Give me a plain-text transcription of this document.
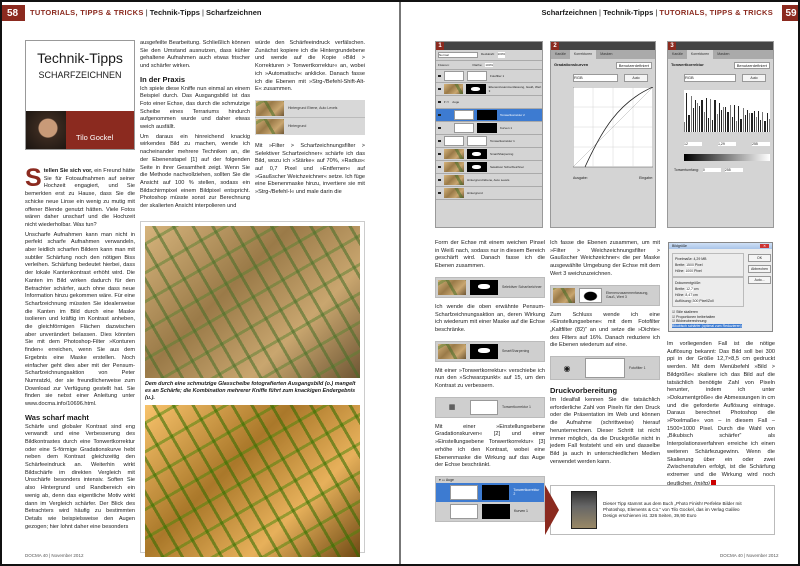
58	TUTORIALS, TIPPS & TRICKS | Technik-Tipps | Scharfzeichnen
Technik-Tipps
SCHARFZEICHNEN
Tilo Gockel

Stellen Sie sich vor, ein Freund hätte Sie für Fotoaufnahmen auf seiner Hochzeit engagiert, und Sie bemerkten erst zu Hause, dass Sie die schicke neue Linse ein wenig zu mutig mit offener Blende genutzt hätten. Viele Fotos wären daher unscharf und die Hochzeit nicht wiederholbar. Was tun?

Unscharfe Aufnahmen kann man nicht in perfekt scharfe Aufnahmen verwandeln, aber leidlich scharfen Bildern kann man mit subtiler Schärfung noch den nötigen Biss verleihen. Schärfung bedeutet hierbei, dass der lokale Kantenkontrast erhöht wird. Die Kanten im Bild wirken dadurch für den Betrachter schärfer, auch ohne dass neue Information hinzu gekommen wäre. Für eine Scharfzeichnung müssten Sie idealerweise die Kanten im Bild durch eine Maske isolieren und kräftig im Kontrast anheben, die gleichförmigen Flächen dazwischen aber unverändert belassen. Dies könnten Sie mit dem Photoshop-Filter »Konturen finden« erreichen, wenn Sie aus dem Ergebnis eine Maske erstellen. Noch einfacher geht dies aber mit der Pensum-Scharfzeichnungsaktion von Peter Numratzki, der sie freundlicherweise zum Download zur Verfügung gestellt hat. Sie finden sie nebst einer Anleitung unter www.docma.info/10696.html.

Was scharf macht

Schärfe und globaler Kontrast sind eng verwandt und eine Verbesserung des Bildkontrastes durch eine Tonwertkorrektur oder eine S-förmige Gradationskurve hebt neben dem Kontrast gleichzeitig den Schärfeeindruck an. Weiterhin wirkt Bildschärfe im direkten Vergleich mit Unschärfe besonders intensiv. Soften Sie also Hintergrund und Randbereich ein wenig ab, denn das eigentliche Motiv wirkt dann im Vergleich schärfer. Der Blick des Betrachters wird häufig zu bestimmten Details wie beispielsweise den Augen gezogen; hier lohnt daher eine besonders

ausgefeilte Bearbeitung. Schließlich können Sie den Umstand ausnutzen, dass kühler gehaltene Aufnahmen auch etwas frischer und schärfer wirken.

In der Praxis

Ich spiele diese Kniffe nun einmal an einem Beispiel durch. Das Ausgangsbild ist das Foto einer Echse, das durch die schmutzige Scheibe eines Terrariums hindurch aufgenommen wurde und daher etwas weich ausfällt.

Um daraus ein hinreichend knackig wirkendes Bild zu machen, wende ich nacheinander mehrere Techniken an, die der Ebenenstapel [1] auf der folgenden Seite in ihrer Gesamtheit zeigt. Wenn Sie die Methode nachvollziehen, sollten Sie die Ansicht auf 100 % stellen, sodass ein Bildschirmpixel einem Bildpixel entspricht. Photoshop müsste sonst zur Berechnung der skalierten Ansicht interpolieren und

würde den Schärfeeindruck verfälschen. Zunächst kopiere ich die Hintergrundebene und wende auf die Kopie »Bild > Korrekturen > Tonwertkorrektur« an, wobei ich »Automatisch« anklicke. Danach fasse ich die Ebenen mit »Strg-/Befehl-Shift-Alt-E« zusammen.

Hintergrund Ebene, Auto Levels
Hintergrund

Mit »Filter > Scharfzeichnungsfilter > Selektiver Scharfzeichner« schärfe ich das Bild, wozu ich »Stärke« auf 70%, »Radius« auf 0,7 Pixel und »Entfernen« auf »Gaußscher Weichzeichner« setze. Ich füge eine Ebenenmaske hinzu, invertiere sie mit »Strg-/Befehl-I« und male darin die

Dem durch eine schmutzige Glasscheibe fotografierten Ausgangsbild (o.) mangelt es an Schärfe; die Kombination mehrerer Kniffe führt zum knackigen Endergebnis (u.).
DOCMA 40 | November 2012
Scharfzeichnen | Technik-Tipps | TUTORIALS, TIPPS & TRICKS	59
1
Normal	Deckkraft: 100%
Fixieren:	Fläche: 100%
Fotofilter 1
Ebenenzusammenfassung, Gauß, Wert 3
▾ ▭ Auge
Tonwertkorrektur 2
Kurven 1
Tonwertkorrektur 1
SmartSharpening
Selektiver Scharfzeichner
Hintergrund Ebene, Auto Levels
Hintergrund
2
Kanäle	Korrekturen	Masken
Gradationskurven	Benutzerdefiniert
RGB	Auto
Ausgabe:	Eingabe:
3
Kanäle	Korrekturen	Masken
Tonwertkorrektur	Benutzerdefiniert
RGB	Auto
12	1,29	255
Tonwertumfang: 0	255

Form der Echse mit einem weichen Pinsel in Weiß nach, sodass nur in diesem Bereich geschärft wird. Danach fasse ich die Ebenen zusammen.

Selektiver Scharfzeichner

Ich wende die oben erwähnte Pensum-Scharfzeichnungsaktion an, deren Wirkung ich wiederum mit einer Maske auf die Echse beschränke.

SmartSharpening

Mit einer »Tonwertkorrektur« verschiebe ich nun den »Schwarzpunkt« auf 15, um den Kontrast zu verbessern.

▦	Tonwertkorrektur 1

Mit einer »Einstellungsebene Gradationskurven« [2] und einer »Einstellungsebene Tonwertkorrektur« [3] erhöhe ich den Kontrast, wobei eine Ebenenmaske die Wirkung auf das Auge der Echse beschränkt.

▾ ▭ Auge
Tonwertkorrektur 2
Kurven 1

Ich fasse die Ebenen zusammen, um mit »Filter > Weichzeichnungsfilter > Gaußscher Weichzeichner« die per Maske ausgewählte Umgebung der Echse mit dem Wert 3 weichzuzeichnen.

Ebenenzusammenfassung, Gauß, Wert 3

Zum Schluss wende ich eine »Einstellungsebene« mit dem Fotofilter „Kaltfilter (82)“ an und setze die »Dichte« des Filters auf 16%. Danach reduziere ich die Ebenen wiederum auf eine.

◉	Fotofilter 1
Druckvorbereitung

Im Idealfall kennen Sie die tatsächlich erforderliche Zahl von Pixeln für den Druck oder die Präsentation im Web und können die Aufnahme (schrittweise) hierauf herunterrechnen. Dieser Schritt ist nicht immer möglich, da die Druckgröße nicht in jedem Fall feststeht und ein und dasselbe Bild ja auch in unterschiedlichen Medien verwendet werden kann.

Bildgröße	✕
Pixelmaße: 4,29 MB
Breite: 1500 Pixel
Höhe: 1000 Pixel
Dokumentgröße:
Breite: 12,7 cm
Höhe: 8,47 cm
Auflösung: 300 Pixel/Zoll
☑ Stile skalieren
☑ Proportionen beibehalten
☑ Bildneuberechnung:
Bikubisch schärfer (optimal zum Reduzieren)
OK
Abbrechen
Auto...

Im vorliegenden Fall ist die nötige Auflösung bekannt: Das Bild soll bei 300 ppi in der Größe 12,7×8,5 cm gedruckt werden. Mit dem Menübefehl »Bild > Bildgröße« skaliere ich das Bild auf die tatsächlich benötigte Zahl von Pixeln herunter, indem ich unter »Dokumentgröße« die Abmessungen in cm und die geforderte Auflösung eintrage. Daraus berechnet Photoshop die »Pixelmaße« von – in diesem Fall – 1500×1000 Pixel. Durch die Wahl von „Bikubisch schärfer“ als Interpolationsverfahren erreiche ich einen weiteren Schärfezugewinn. Wenn die Skalierung über ein oder zwei Zwischenstufen erfolgt, ist die Schärfung extremer und die Wirkung wird noch deutlicher. (mj/tg)

Dieser Tipp stammt aus dem Buch „Photo Finish! Perfekte Bilder mit Photoshop, Elements & Co.“ von Tilo Gockel, das im Verlag Galileo Design erschienen ist. 326 Seiten, 39,90 Euro
DOCMA 40 | November 2012
